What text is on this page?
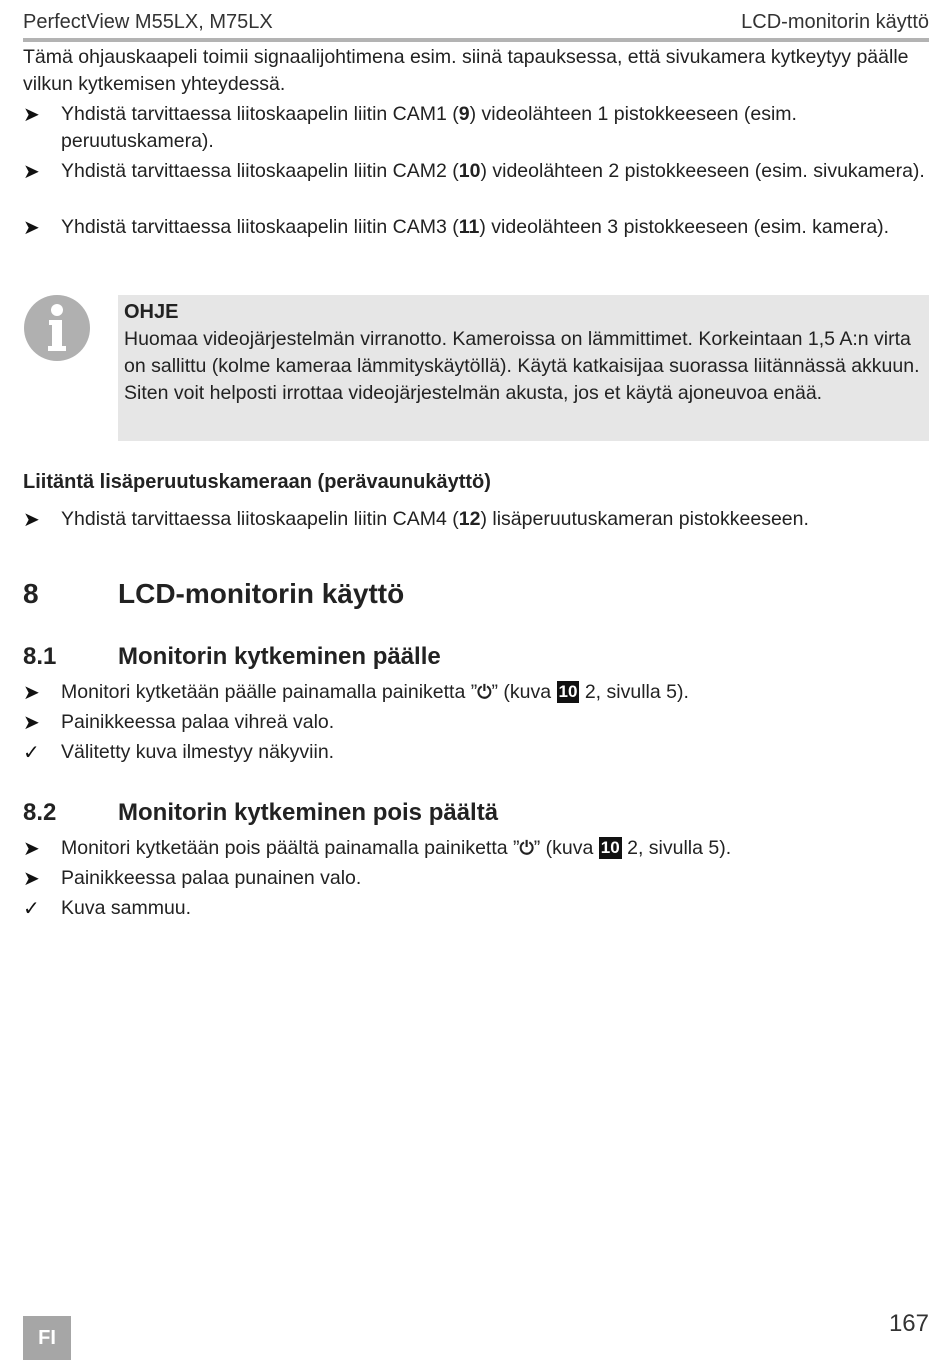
PerfectView M55LX, M75LX	LCD-monitorin käyttö
Tämä ohjauskaapeli toimii signaalijohtimena esim. siinä tapauksessa, että sivukamera kytkeytyy päälle vilkun kytkemisen yhteydessä.
➤	Yhdistä tarvittaessa liitoskaapelin liitin CAM1 (9) videolähteen 1 pistokkeeseen (esim. peruutuskamera).
➤	Yhdistä tarvittaessa liitoskaapelin liitin CAM2 (10) videolähteen 2 pistokkeeseen (esim. sivukamera).
➤	Yhdistä tarvittaessa liitoskaapelin liitin CAM3 (11) videolähteen 3 pistokkeeseen (esim. kamera).
OHJE
Huomaa videojärjestelmän virranotto. Kameroissa on lämmittimet. Korkeintaan 1,5 A:n virta on sallittu (kolme kameraa lämmityskäytöllä). Käytä katkaisijaa suorassa liitännässä akkuun. Siten voit helposti irrottaa videojärjestelmän akusta, jos et käytä ajoneuvoa enää.
Liitäntä lisäperuutuskameraan (perävaunukäyttö)
➤	Yhdistä tarvittaessa liitoskaapelin liitin CAM4 (12) lisäperuutuskameran pistokkeeseen.
8	LCD-monitorin käyttö
8.1	Monitorin kytkeminen päälle
➤	Monitori kytketään päälle painamalla painiketta ”⏻” (kuva 10 2, sivulla 5).
➤	Painikkeessa palaa vihreä valo.
✓	Välitetty kuva ilmestyy näkyviin.
8.2	Monitorin kytkeminen pois päältä
➤	Monitori kytketään pois päältä painamalla painiketta ”⏻” (kuva 10 2, sivulla 5).
➤	Painikkeessa palaa punainen valo.
✓	Kuva sammuu.
FI
167
